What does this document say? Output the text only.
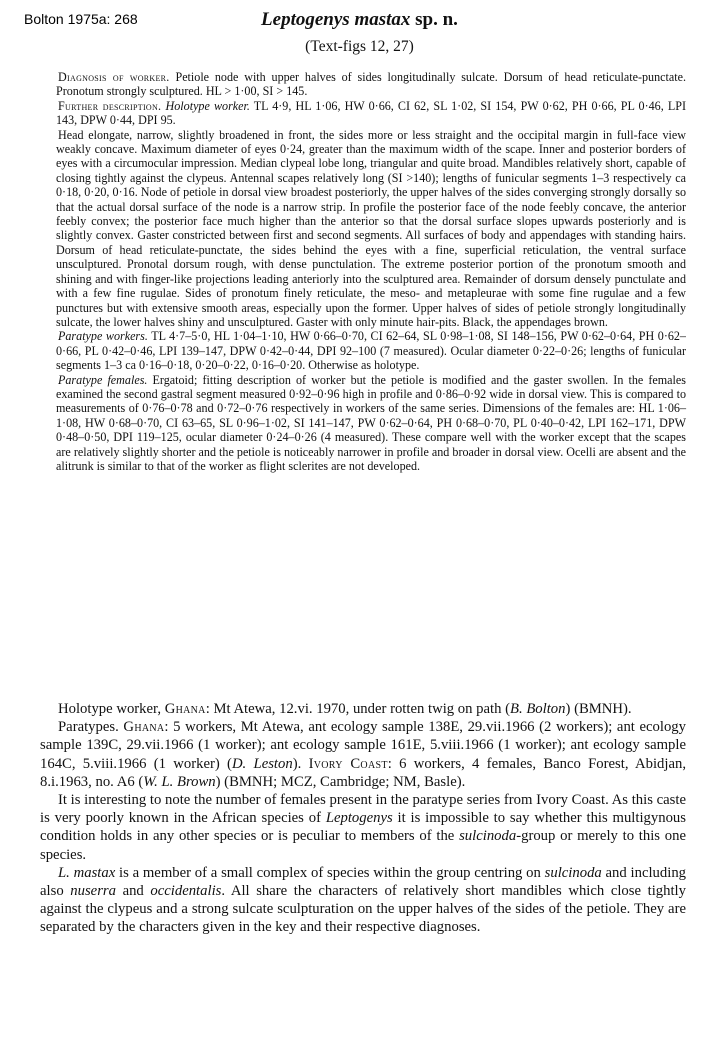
Bolton 1975a: 268	Leptogenys mastax sp. n.
(Text-figs 12, 27)

Diagnosis of worker. Petiole node with upper halves of sides longitudinally sulcate. Dorsum of head reticulate-punctate. Pronotum strongly sculptured. HL > 1·00, SI > 145.

Further description. Holotype worker. TL 4·9, HL 1·06, HW 0·66, CI 62, SL 1·02, SI 154, PW 0·62, PH 0·66, PL 0·46, LPI 143, DPW 0·44, DPI 95.

Head elongate, narrow, slightly broadened in front, the sides more or less straight and the occipital margin in full-face view weakly concave. Maximum diameter of eyes 0·24, greater than the maximum width of the scape. Inner and posterior borders of eyes with a circumocular impression. Median clypeal lobe long, triangular and quite broad. Mandibles relatively short, capable of closing tightly against the clypeus. Antennal scapes relatively long (SI >140); lengths of funicular segments 1–3 respectively ca 0·18, 0·20, 0·16. Node of petiole in dorsal view broadest posteriorly, the upper halves of the sides converging strongly dorsally so that the actual dorsal surface of the node is a narrow strip. In profile the posterior face of the node feebly concave, the anterior feebly convex; the posterior face much higher than the anterior so that the dorsal surface slopes upwards posteriorly and is slightly convex. Gaster constricted between first and second segments. All surfaces of body and appendages with standing hairs. Dorsum of head reticulate-punctate, the sides behind the eyes with a fine, superficial reticulation, the ventral surface unsculptured. Pronotal dorsum rough, with dense punctulation. The extreme posterior portion of the pronotum smooth and shining and with finger-like projections leading anteriorly into the sculptured area. Remainder of dorsum densely punctulate and with a few fine rugulae. Sides of pronotum finely reticulate, the meso- and metapleurae with some fine rugulae and a few punctures but with extensive smooth areas, especially upon the former. Upper halves of sides of petiole strongly longitudinally sulcate, the lower halves shiny and unsculptured. Gaster with only minute hair-pits. Black, the appendages brown.

Paratype workers. TL 4·7–5·0, HL 1·04–1·10, HW 0·66–0·70, CI 62–64, SL 0·98–1·08, SI 148–156, PW 0·62–0·64, PH 0·62–0·66, PL 0·42–0·46, LPI 139–147, DPW 0·42–0·44, DPI 92–100 (7 measured). Ocular diameter 0·22–0·26; lengths of funicular segments 1–3 ca 0·16–0·18, 0·20–0·22, 0·16–0·20. Otherwise as holotype.

Paratype females. Ergatoid; fitting description of worker but the petiole is modified and the gaster swollen. In the females examined the second gastral segment measured 0·92–0·96 high in profile and 0·86–0·92 wide in dorsal view. This is compared to measurements of 0·76–0·78 and 0·72–0·76 respectively in workers of the same series. Dimensions of the females are: HL 1·06–1·08, HW 0·68–0·70, CI 63–65, SL 0·96–1·02, SI 141–147, PW 0·62–0·64, PH 0·68–0·70, PL 0·40–0·42, LPI 162–171, DPW 0·48–0·50, DPI 119–125, ocular diameter 0·24–0·26 (4 measured). These compare well with the worker except that the scapes are relatively slightly shorter and the petiole is noticeably narrower in profile and broader in dorsal view. Ocelli are absent and the alitrunk is similar to that of the worker as flight sclerites are not developed.

Holotype worker, Ghana: Mt Atewa, 12.vi. 1970, under rotten twig on path (B. Bolton) (BMNH).

Paratypes. Ghana: 5 workers, Mt Atewa, ant ecology sample 138E, 29.vii.1966 (2 workers); ant ecology sample 139C, 29.vii.1966 (1 worker); ant ecology sample 161E, 5.viii.1966 (1 worker); ant ecology sample 164C, 5.viii.1966 (1 worker) (D. Leston). Ivory Coast: 6 workers, 4 females, Banco Forest, Abidjan, 8.i.1963, no. A6 (W. L. Brown) (BMNH; MCZ, Cambridge; NM, Basle).

It is interesting to note the number of females present in the paratype series from Ivory Coast. As this caste is very poorly known in the African species of Leptogenys it is impossible to say whether this multigynous condition holds in any other species or is peculiar to members of the sulcinoda-group or merely to this one species.

L. mastax is a member of a small complex of species within the group centring on sulcinoda and including also nuserra and occidentalis. All share the characters of relatively short mandibles which close tightly against the clypeus and a strong sulcate sculpturation on the upper halves of the sides of the petiole. They are separated by the characters given in the key and their respective diagnoses.
